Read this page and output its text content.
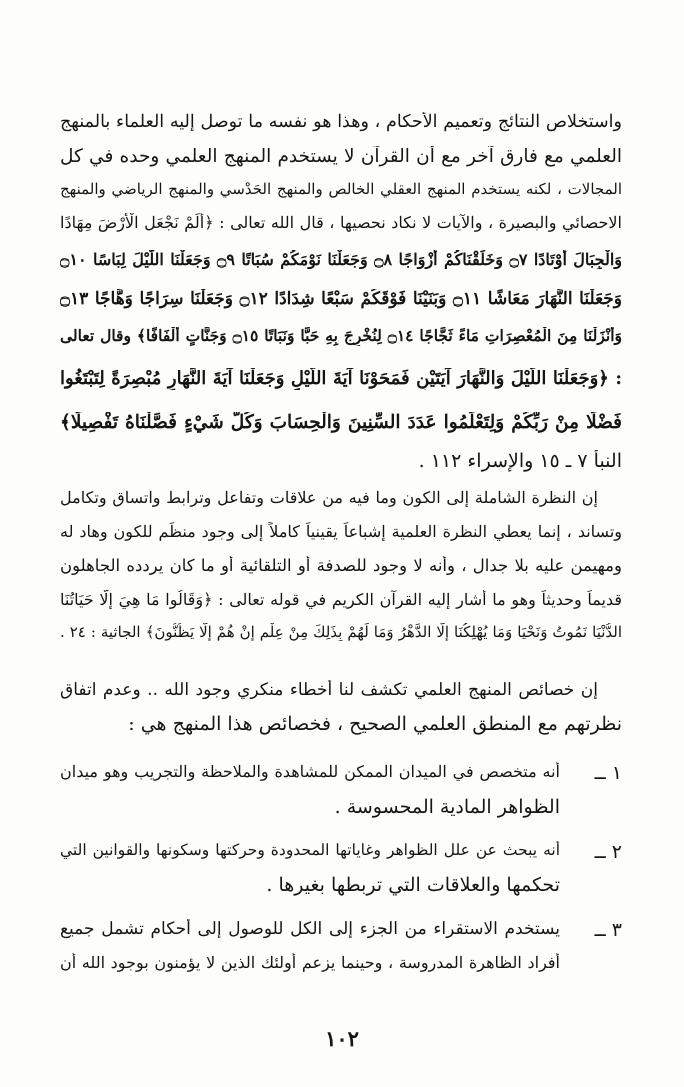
واستخلاص النتائج وتعميم الأحكام ، وهذا هو نفسه ما توصل إليه العلماء بالمنهج
العلمي مع فارق آخر مع أن القرآن لا يستخدم المنهج العلمي وحده في كل
المجالات ، لكنه يستخدم المنهج العقلي الخالص والمنهج الحَدْسي والمنهج الرياضي والمنهج
الاحصائي والبصيرة ، والآيات لا نكاد نحصيها ، قال الله تعالى : ﴿أَلَمْ نَجْعَلِ الْأَرْضَ مِهَادًا
وَالْجِبَالَ أَوْتَادًا ۝٧ وَخَلَقْنَاكُمْ أَزْوَاجًا ۝٨ وَجَعَلْنَا نَوْمَكُمْ سُبَاتًا ۝٩ وَجَعَلْنَا اللَّيْلَ لِبَاسًا ۝١٠
وَجَعَلْنَا النَّهَارَ مَعَاشًا ۝١١ وَبَنَيْنَا فَوْقَكُمْ سَبْعًا شِدَادًا ۝١٢ وَجَعَلْنَا سِرَاجًا وَهَّاجًا ۝١٣
وَأَنْزَلْنَا مِنَ الْمُعْصِرَاتِ مَاءً ثَجَّاجًا ۝١٤ لِنُخْرِجَ بِهِ حَبًّا وَنَبَاتًا ۝١٥ وَجَنَّاتٍ أَلْفَافًا﴾ وقال تعالى
: ﴿وَجَعَلْنَا اللَّيْلَ وَالنَّهَارَ آيَتَيْنِ فَمَحَوْنَا آيَةَ اللَّيْلِ وَجَعَلْنَا آيَةَ النَّهَارِ مُبْصِرَةً لِتَبْتَغُوا
فَضْلًا مِنْ رَبِّكُمْ وَلِتَعْلَمُوا عَدَدَ السِّنِينَ وَالْحِسَابَ وَكُلَّ شَيْءٍ فَصَّلْنَاهُ تَفْصِيلًا﴾
النبأ ٧ ـ ١٥ والإسراء ١١٢ .
إن النظرة الشاملة إلى الكون وما فيه من علاقات وتفاعل وترابط واتساق وتكامل
وتساند ، إنما يعطي النظرة العلمية إشباعاً يقينياً كاملاً إلى وجود منظِّم للكون وهاد له
ومهيمن عليه بلا جدال ، وأنه لا وجود للصدفة أو التلقائية أو ما كان يردده الجاهلون
قديماً وحديثاً وهو ما أشار إليه القرآن الكريم في قوله تعالى : ﴿وَقَالُوا مَا هِيَ إِلَّا حَيَاتُنَا
الدُّنْيَا نَمُوتُ وَنَحْيَا وَمَا يُهْلِكُنَا إِلَّا الدَّهْرُ وَمَا لَهُمْ بِذَلِكَ مِنْ عِلْمٍ إِنْ هُمْ إِلَّا يَظُنُّونَ﴾ الجاثية : ٢٤ .
إن خصائص المنهج العلمي تكشف لنا أخطاء منكري وجود الله .. وعدم اتفاق
نظرتهم مع المنطق العلمي الصحيح ، فخصائص هذا المنهج هي :
١ ــ
أنه متخصص في الميدان الممكن للمشاهدة والملاحظة والتجريب وهو ميدان
الظواهر المادية المحسوسة .
٢ ــ
أنه يبحث عن علل الظواهر وغاياتها المحدودة وحركتها وسكونها والقوانين التي
تحكمها والعلاقات التي تربطها بغيرها .
٣ ــ
يستخدم الاستقراء من الجزء إلى الكل للوصول إلى أحكام تشمل جميع
أفراد الظاهرة المدروسة ، وحينما يزعم أولئك الذين لا يؤمنون بوجود الله أن
١٠٢
